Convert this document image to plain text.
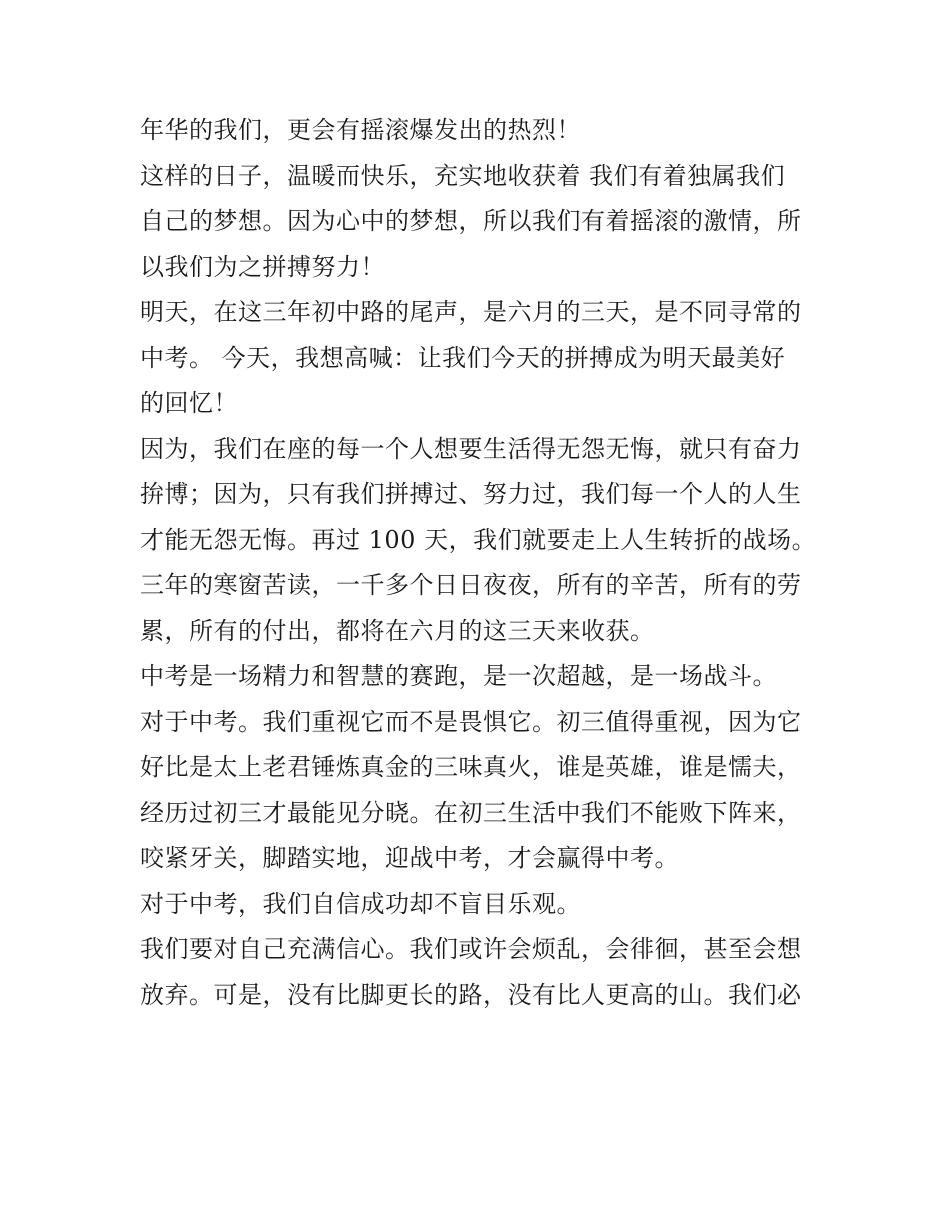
年华的我们，更会有摇滚爆发出的热烈！
这样的日子，温暖而快乐，充实地收获着 我们有着独属我们
自己的梦想。因为心中的梦想，所以我们有着摇滚的激情，所
以我们为之拼搏努力！
明天，在这三年初中路的尾声，是六月的三天，是不同寻常的
中考。 今天，我想高喊：让我们今天的拼搏成为明天最美好
的回忆！
因为，我们在座的每一个人想要生活得无怨无悔，就只有奋力
拚博；因为，只有我们拼搏过、努力过，我们每一个人的人生
才能无怨无悔。再过 100 天，我们就要走上人生转折的战场。
三年的寒窗苦读，一千多个日日夜夜，所有的辛苦，所有的劳
累，所有的付出，都将在六月的这三天来收获。
中考是一场精力和智慧的赛跑，是一次超越，是一场战斗。
对于中考。我们重视它而不是畏惧它。初三值得重视，因为它
好比是太上老君锤炼真金的三味真火，谁是英雄，谁是懦夫，
经历过初三才最能见分晓。在初三生活中我们不能败下阵来，
咬紧牙关，脚踏实地，迎战中考，才会赢得中考。
对于中考，我们自信成功却不盲目乐观。
我们要对自己充满信心。我们或许会烦乱，会徘徊，甚至会想
放弃。可是，没有比脚更长的路，没有比人更高的山。我们必
